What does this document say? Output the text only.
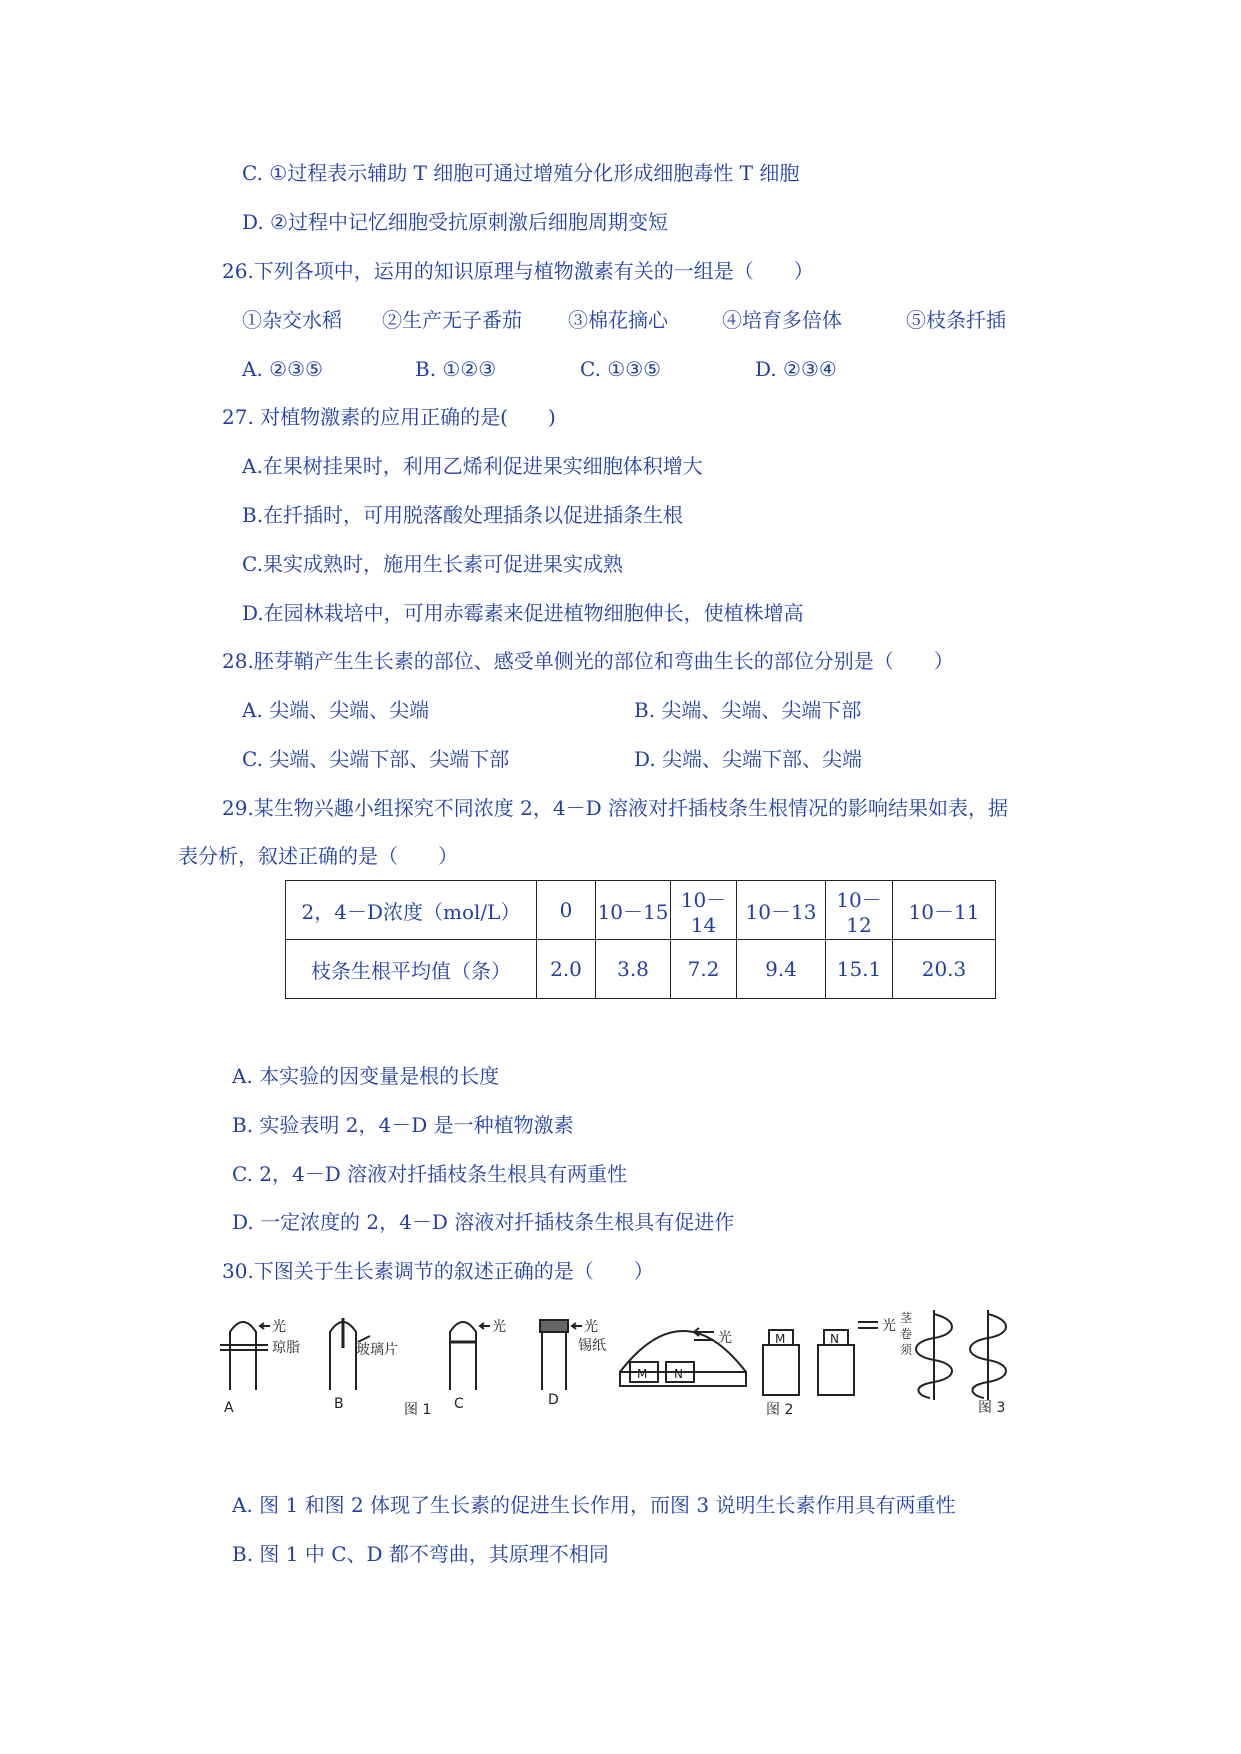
C. ①过程表示辅助 T 细胞可通过增殖分化形成细胞毒性 T 细胞
D. ②过程中记忆细胞受抗原刺激后细胞周期变短
26.下列各项中，运用的知识原理与植物激素有关的一组是（　　）
①杂交水稻 ②生产无子番茄 ③棉花摘心	④培育多倍体	⑤枝条扦插
A. ②③⑤	B. ①②③	C. ①③⑤	D. ②③④
27. 对植物激素的应用正确的是(　　)
A.在果树挂果时，利用乙烯利促进果实细胞体积增大
B.在扦插时，可用脱落酸处理插条以促进插条生根
C.果实成熟时，施用生长素可促进果实成熟
D.在园林栽培中，可用赤霉素来促进植物细胞伸长，使植株增高
28.胚芽鞘产生生长素的部位、感受单侧光的部位和弯曲生长的部位分别是（　　）
A. 尖端、尖端、尖端	B. 尖端、尖端、尖端下部
C. 尖端、尖端下部、尖端下部	D. 尖端、尖端下部、尖端
29.某生物兴趣小组探究不同浓度 2，4－D 溶液对扦插枝条生根情况的影响结果如表，据
表分析，叙述正确的是（　　）
2，4－D浓度（mol/L）	0	10－15	10－14	10－13	10－12	10－11
枝条生根平均值（条）	2.0	3.8	7.2	9.4	15.1	20.3
A. 本实验的因变量是根的长度
B. 实验表明 2，4－D 是一种植物激素
C. 2，4－D 溶液对扦插枝条生根具有两重性
D. 一定浓度的 2，4－D 溶液对扦插枝条生根具有促进作
30.下图关于生长素调节的叙述正确的是（　　）
光
琼脂	玻璃片
光	光
锡纸	光
光
M N
M	N
A	B	C	D
图 1	图 2	图 3
茎
卷
须
A. 图 1 和图 2 体现了生长素的促进生长作用，而图 3 说明生长素作用具有两重性
B. 图 1 中 C、D 都不弯曲，其原理不相同
